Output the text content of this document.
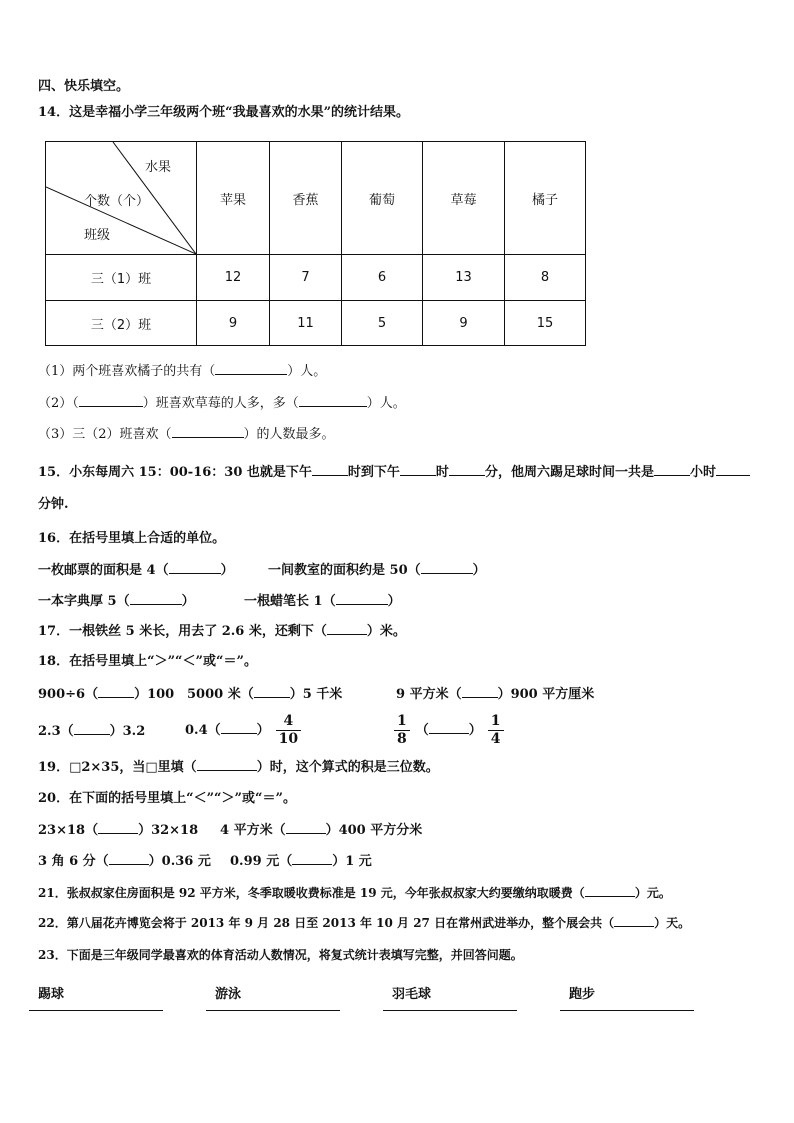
四、快乐填空。
14．这是幸福小学三年级两个班“我最喜欢的水果”的统计结果。
水果
个数（个）
班级	苹果	香蕉	葡萄	草莓	橘子
三（1）班	12	7	6	13	8
三（2）班	9	11	5	9	15
（1）两个班喜欢橘子的共有（	）人。
（2）（	）班喜欢草莓的人多，多（	）人。
（3）三（2）班喜欢（	）的人数最多。
15．小东每周六 15：00-16：30 也就是下午	时到下午	时	分，他周六踢足球时间一共是	小时
分钟.
16．在括号里填上合适的单位。
一枚邮票的面积是 4（	）	一间教室的面积约是 50（	）
一本字典厚 5（	）	一根蜡笔长 1（	）
17．一根铁丝 5 米长，用去了 2.6 米，还剩下（	）米。
18．在括号里填上“＞”“＜”或“＝”。
900÷6（	）100 5000 米（	）5 千米	9 平方米（	）900 平方厘米
2.3（	）3.2	0.4（	） $\frac{4}{10}$	$\frac{1}{8}$ （	） $\frac{1}{4}$
19．□2×35，当□里填（	）时，这个算式的积是三位数。
20．在下面的括号里填上“＜”“＞”或“＝”。
23×18（	）32×18 4 平方米（	）400 平方分米
3 角 6 分（	）0.36 元 0.99 元（	）1 元
21．张叔叔家住房面积是 92 平方米，冬季取暖收费标准是 19 元，今年张叔叔家大约要缴纳取暖费（	）元。
22．第八届花卉博览会将于 2013 年 9 月 28 日至 2013 年 10 月 27 日在常州武进举办，整个展会共（	）天。
23．下面是三年级同学最喜欢的体育活动人数情况，将复式统计表填写完整，并回答问题。
踢球	游泳	羽毛球	跑步
